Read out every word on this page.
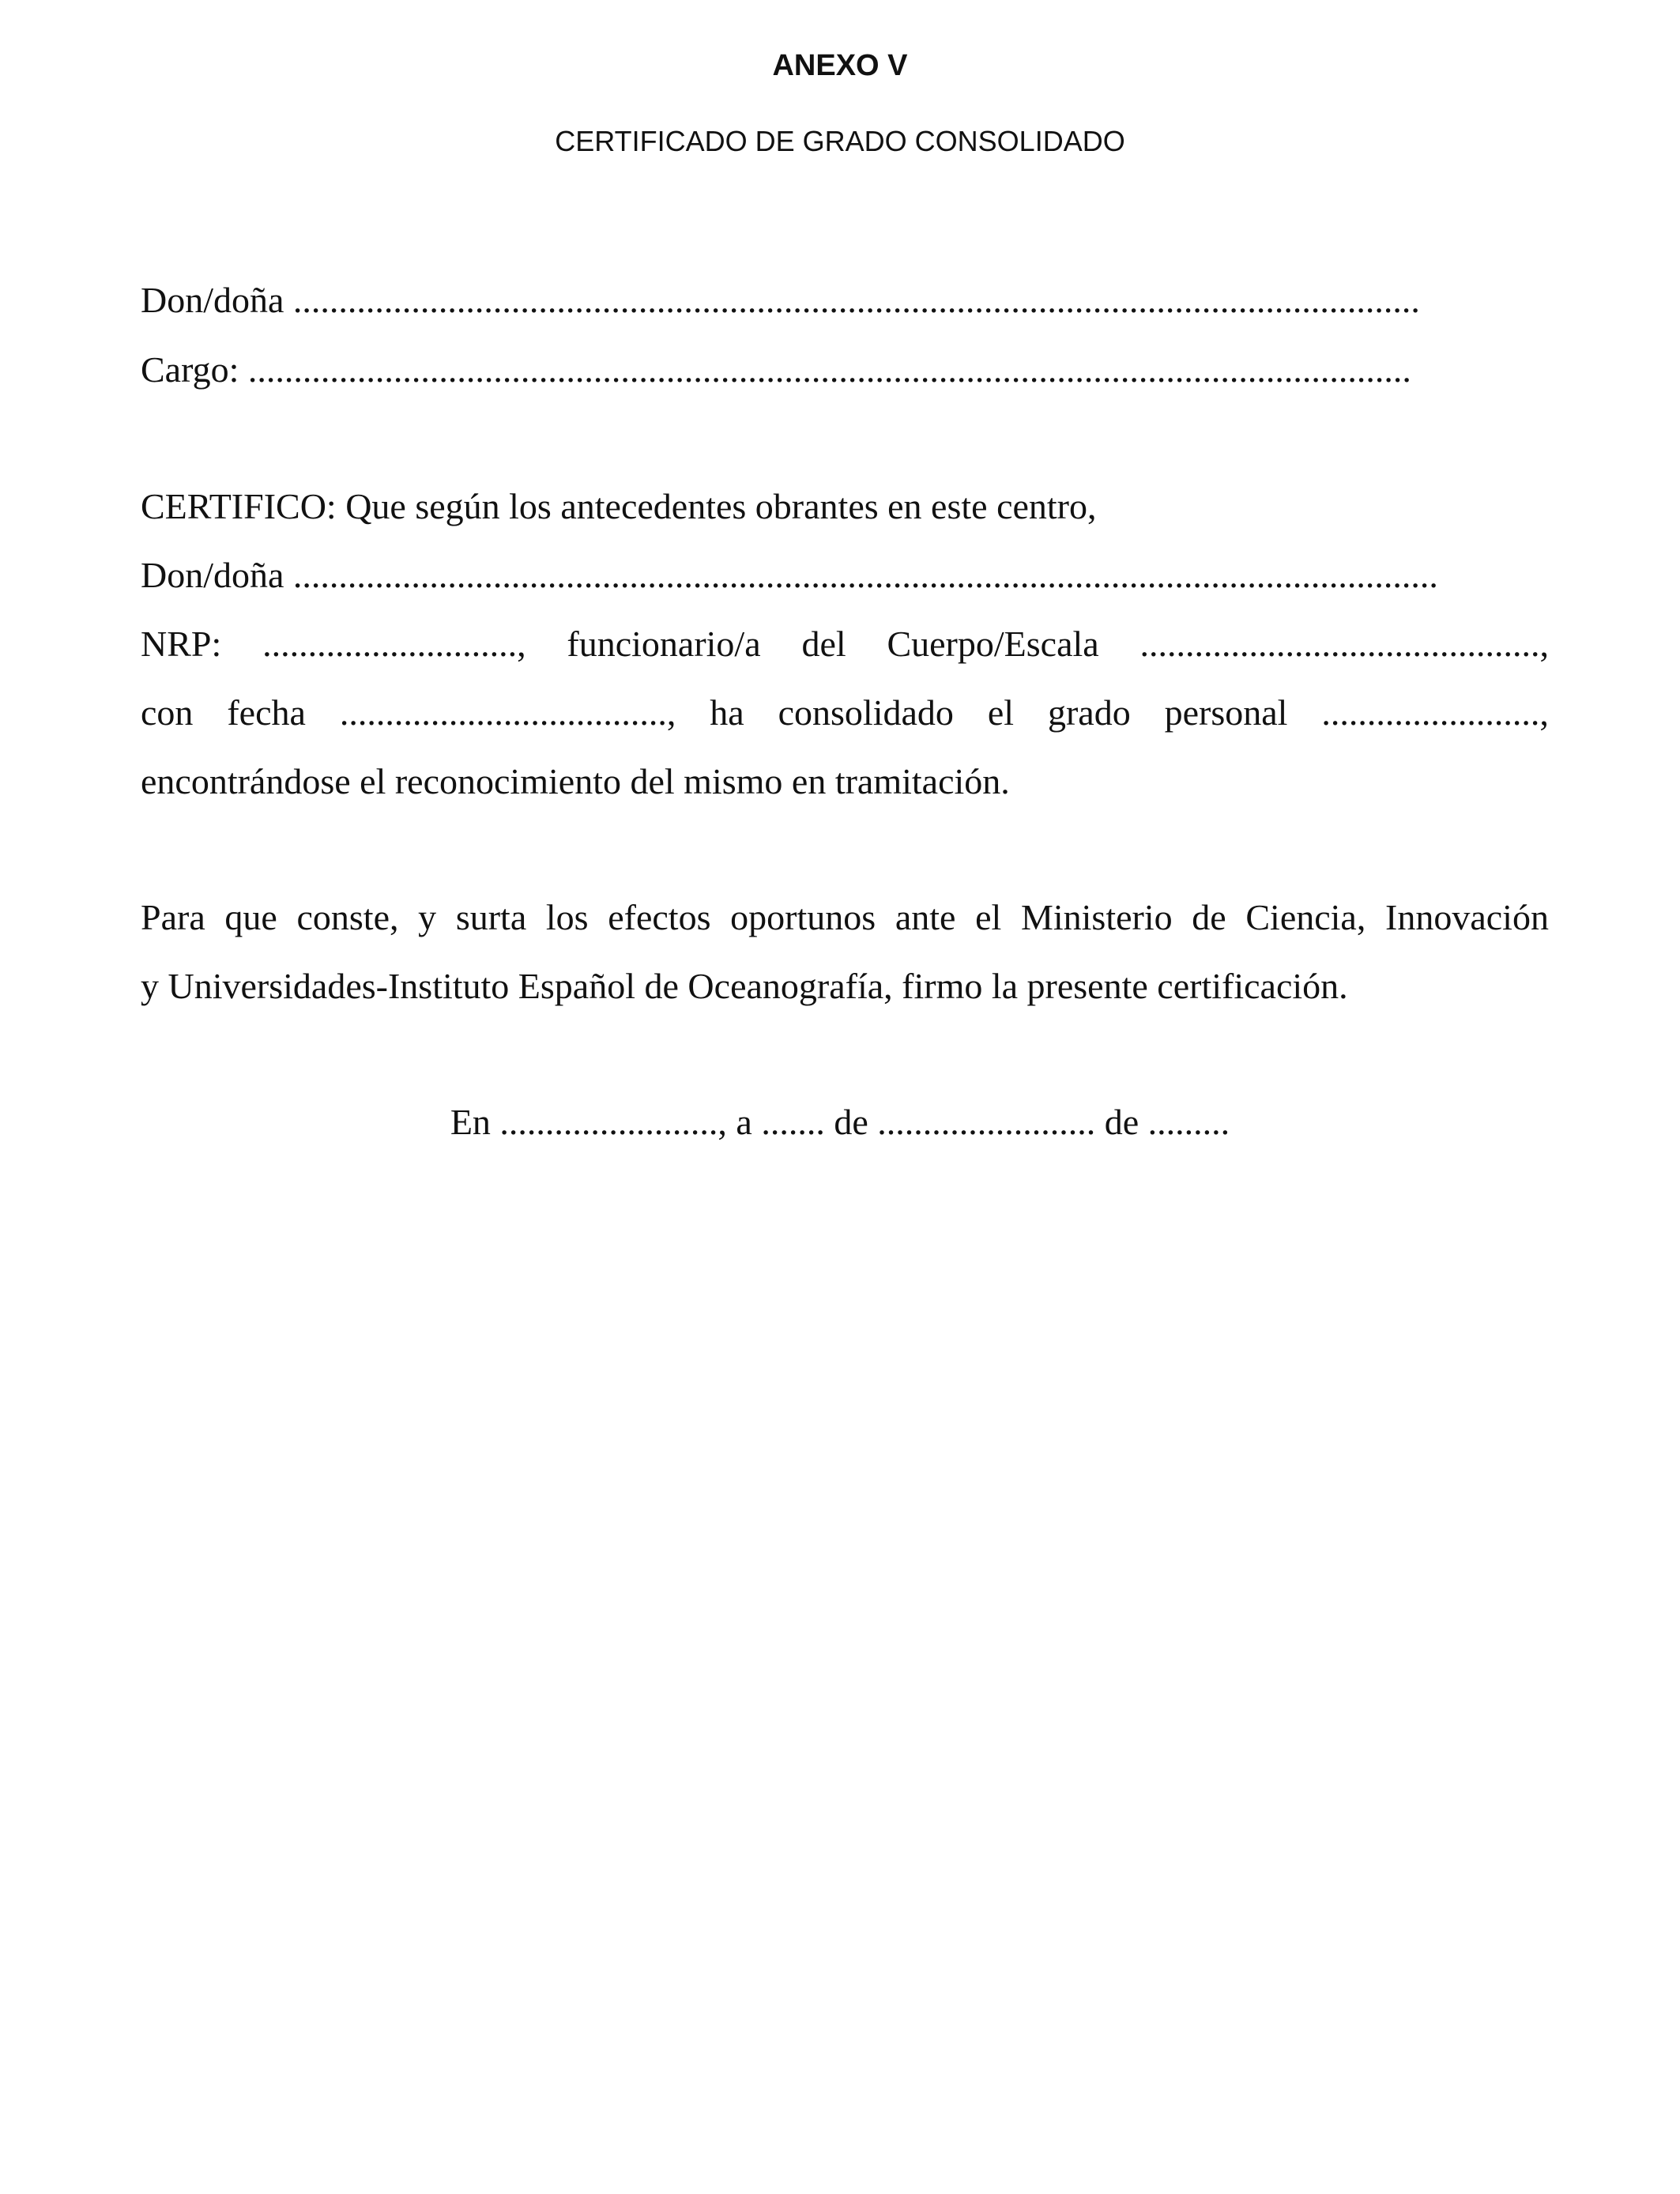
ANEXO V
CERTIFICADO DE GRADO CONSOLIDADO
Don/doña ............................................................................................................................
Cargo: ................................................................................................................................
CERTIFICO: Que según los antecedentes obrantes en este centro,
Don/doña ..............................................................................................................................
NRP: ............................, funcionario/a del Cuerpo/Escala ............................................,
con fecha ...................................., ha consolidado el grado personal ........................,
encontrándose el reconocimiento del mismo en tramitación.
Para que conste, y surta los efectos oportunos ante el Ministerio de Ciencia, Innovación
y Universidades-Instituto Español de Oceanografía, firmo la presente certificación.
En ........................, a ....... de ........................ de .........
